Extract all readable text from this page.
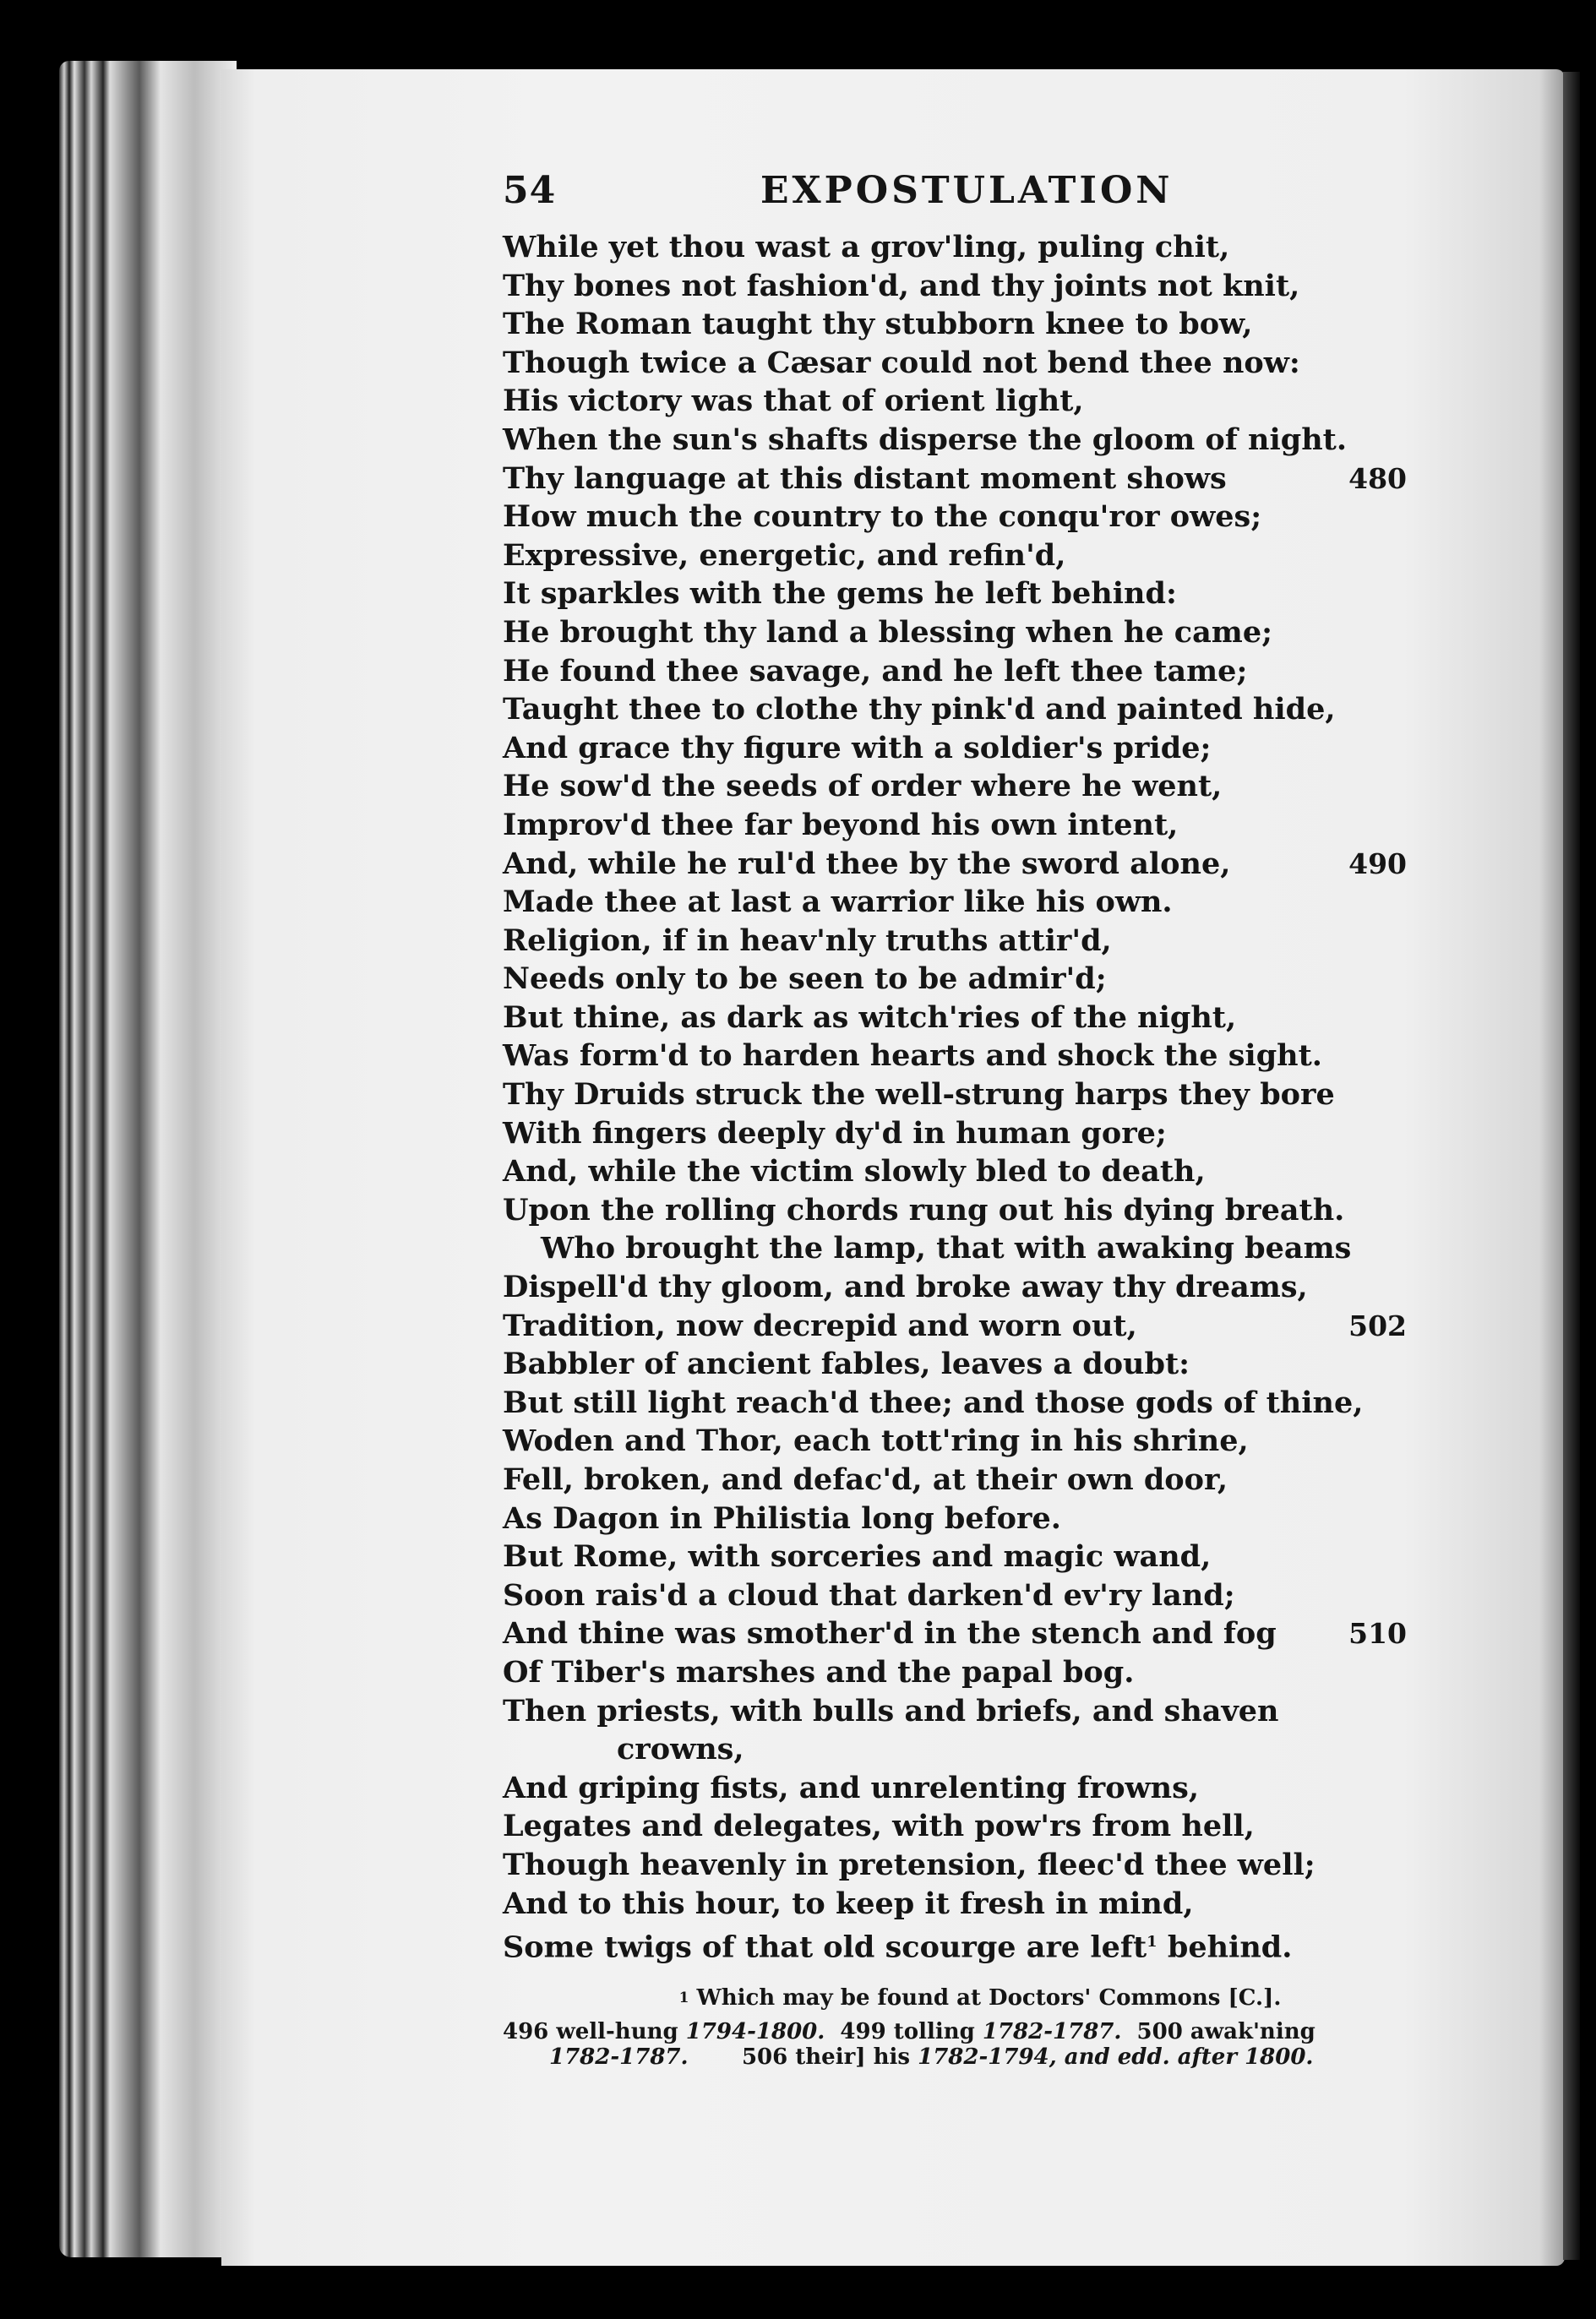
54	EXPOSTULATION
While yet thou wast a grov'ling, puling chit,
Thy bones not fashion'd, and thy joints not knit,
The Roman taught thy stubborn knee to bow,
Though twice a Cæsar could not bend thee now:
His victory was that of orient light,
When the sun's shafts disperse the gloom of night.
Thy language at this distant moment shows	480
How much the country to the conqu'ror owes;
Expressive, energetic, and refin'd,
It sparkles with the gems he left behind:
He brought thy land a blessing when he came;
He found thee savage, and he left thee tame;
Taught thee to clothe thy pink'd and painted hide,
And grace thy figure with a soldier's pride;
He sow'd the seeds of order where he went,
Improv'd thee far beyond his own intent,
And, while he rul'd thee by the sword alone,	490
Made thee at last a warrior like his own.
Religion, if in heav'nly truths attir'd,
Needs only to be seen to be admir'd;
But thine, as dark as witch'ries of the night,
Was form'd to harden hearts and shock the sight.
Thy Druids struck the well-strung harps they bore
With fingers deeply dy'd in human gore;
And, while the victim slowly bled to death,
Upon the rolling chords rung out his dying breath.
Who brought the lamp, that with awaking beams
Dispell'd thy gloom, and broke away thy dreams,
Tradition, now decrepid and worn out,	502
Babbler of ancient fables, leaves a doubt:
But still light reach'd thee; and those gods of thine,
Woden and Thor, each tott'ring in his shrine,
Fell, broken, and defac'd, at their own door,
As Dagon in Philistia long before.
But Rome, with sorceries and magic wand,
Soon rais'd a cloud that darken'd ev'ry land;
And thine was smother'd in the stench and fog	510
Of Tiber's marshes and the papal bog.
Then priests, with bulls and briefs, and shaven
crowns,
And griping fists, and unrelenting frowns,
Legates and delegates, with pow'rs from hell,
Though heavenly in pretension, fleec'd thee well;
And to this hour, to keep it fresh in mind,
Some twigs of that old scourge are left$^1$ behind.
$^1$ Which may be found at Doctors' Commons [C.].
496 well-hung 1794-1800.  499 tolling 1782-1787.  500 awak'ning
1782-1787.       506 their] his 1782-1794, and edd. after 1800.
